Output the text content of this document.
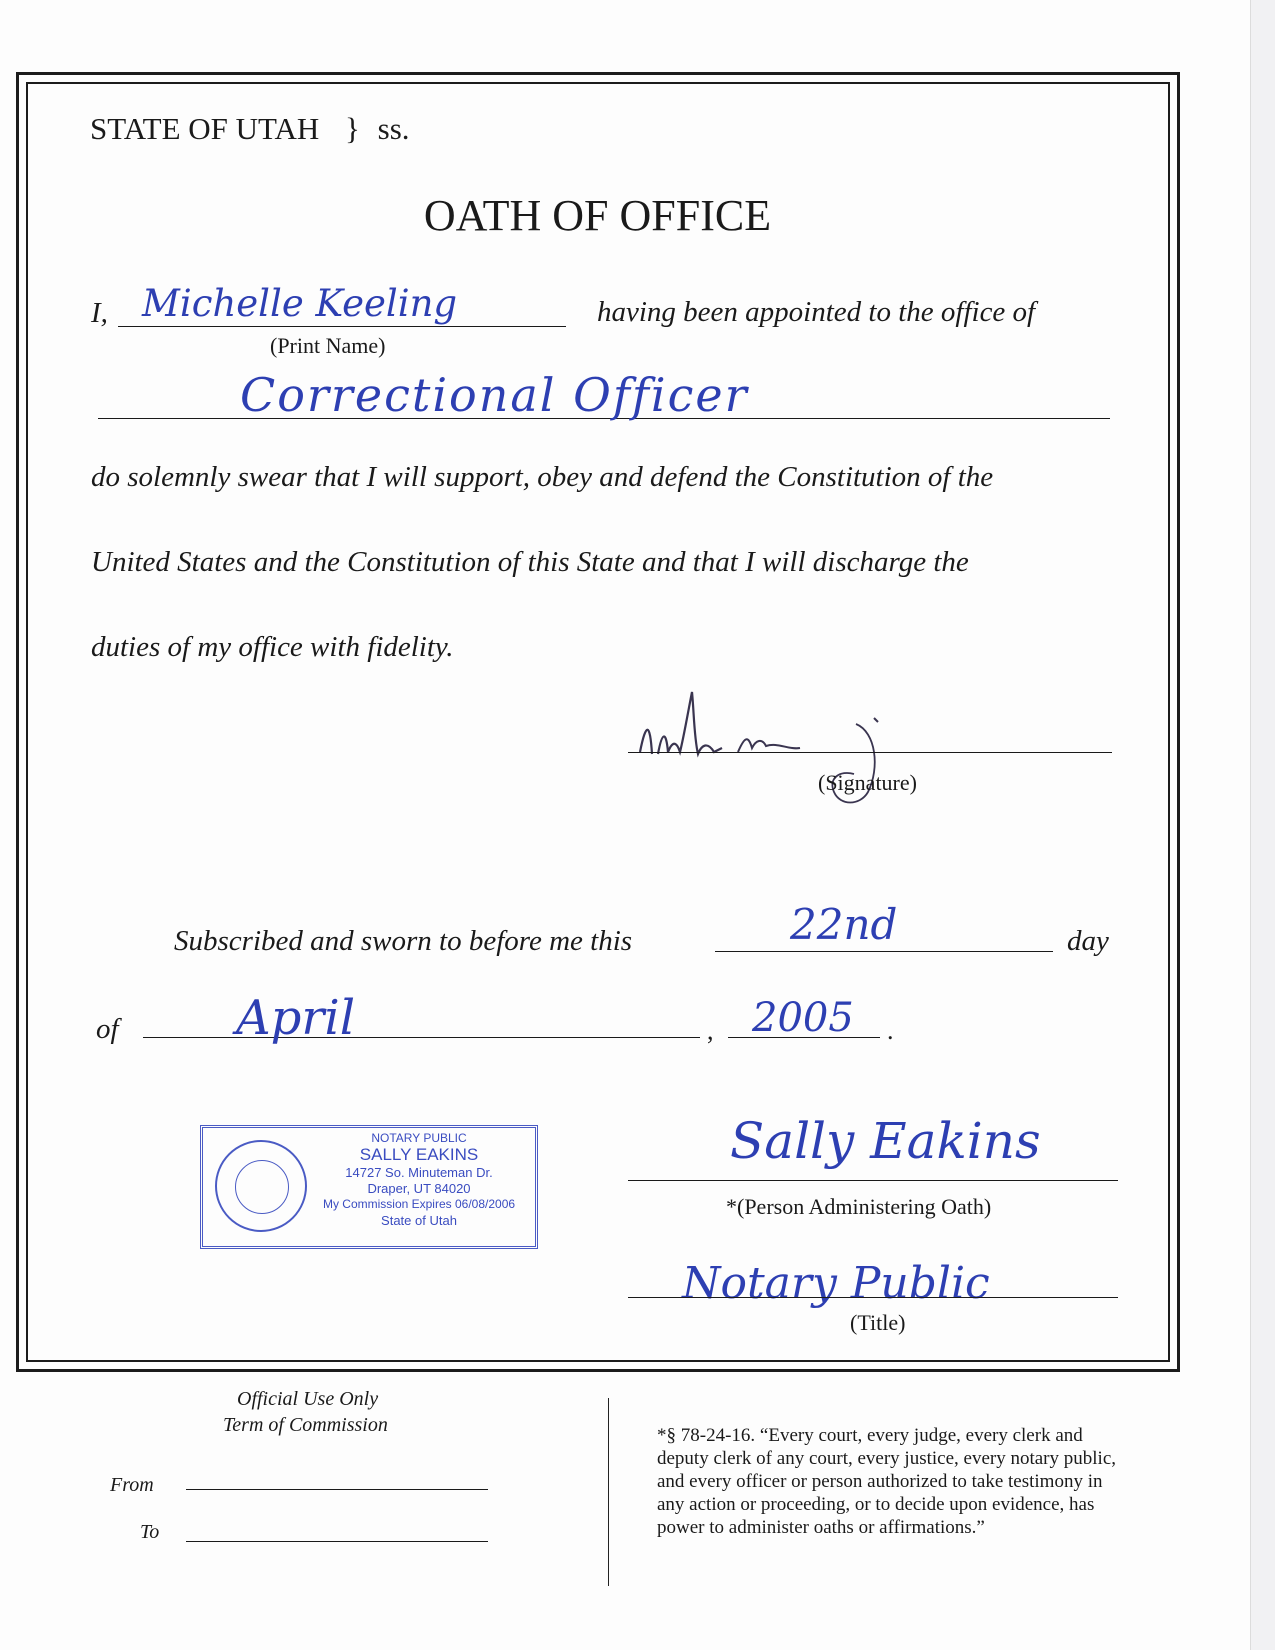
STATE OF UTAH } ss.
OATH OF OFFICE
I, Michelle Keeling
(Print Name)
having been appointed to the office of
Correctional Officer
do solemnly swear that I will support, obey and defend the Constitution of the
United States and the Constitution of this State and that I will discharge the
duties of my office with fidelity.
(Signature)
Subscribed and sworn to before me this	22nd	day
of April	, 2005 .
NOTARY PUBLIC
SALLY EAKINS
14727 So. Minuteman Dr.
Draper, UT 84020
My Commission Expires 06/08/2006
State of Utah
Sally Eakins
*(Person Administering Oath)
Notary Public
(Title)
Official Use Only
Term of Commission
From
To
*§ 78-24-16. “Every court, every judge, every clerk and
deputy clerk of any court, every justice, every notary public,
and every officer or person authorized to take testimony in
any action or proceeding, or to decide upon evidence, has
power to administer oaths or affirmations.”
